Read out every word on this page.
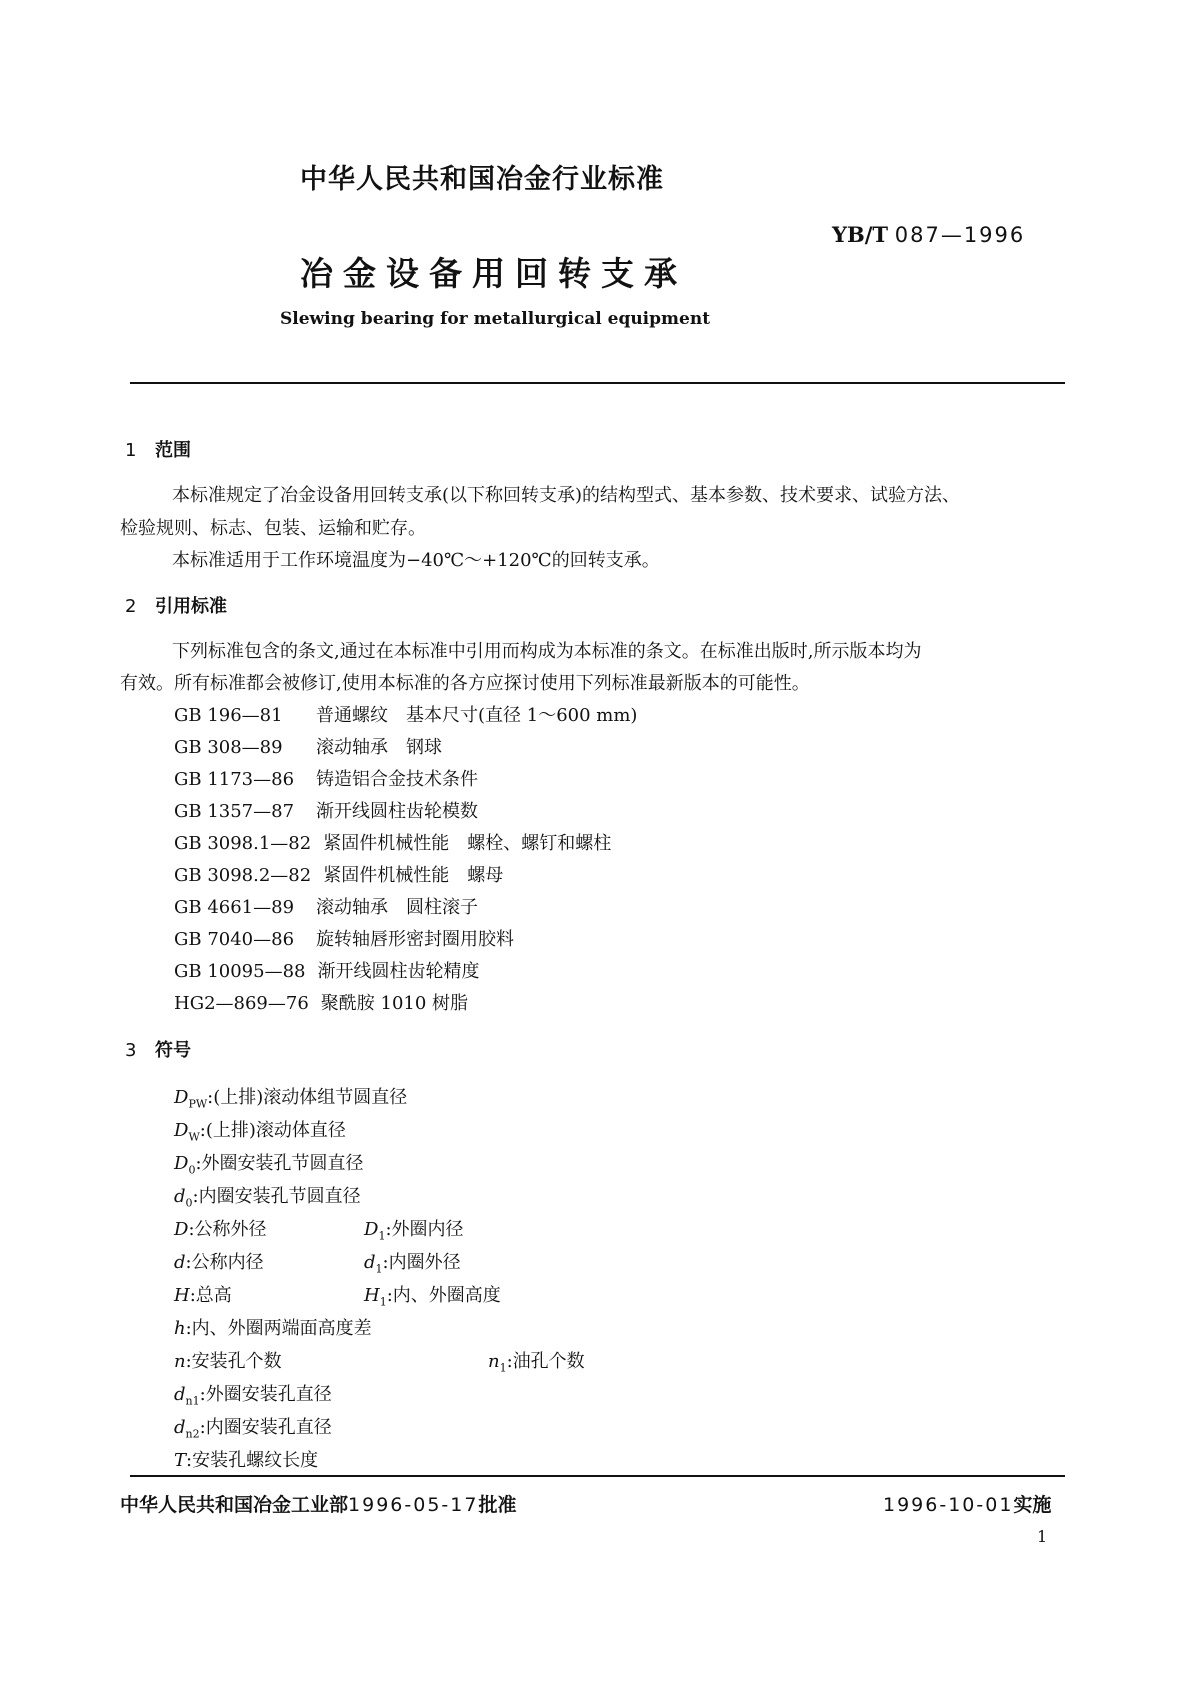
中华人民共和国冶金行业标准
YB/T 087—1996
冶金设备用回转支承
Slewing bearing for metallurgical equipment
1 范围
本标准规定了冶金设备用回转支承(以下称回转支承)的结构型式、基本参数、技术要求、试验方法、
检验规则、标志、包装、运输和贮存。
本标准适用于工作环境温度为−40℃～+120℃的回转支承。
2 引用标准
下列标准包含的条文,通过在本标准中引用而构成为本标准的条文。在标准出版时,所示版本均为
有效。所有标准都会被修订,使用本标准的各方应探讨使用下列标准最新版本的可能性。
GB 196—81 普通螺纹　基本尺寸(直径 1～600 mm)
GB 308—89 滚动轴承　钢球
GB 1173—86 铸造铝合金技术条件
GB 1357—87 渐开线圆柱齿轮模数
GB 3098.1—82 紧固件机械性能　螺栓、螺钉和螺柱
GB 3098.2—82 紧固件机械性能　螺母
GB 4661—89 滚动轴承　圆柱滚子
GB 7040—86 旋转轴唇形密封圈用胶料
GB 10095—88 渐开线圆柱齿轮精度
HG2—869—76 聚酰胺 1010 树脂
3 符号
$D_{PW}$:(上排)滚动体组节圆直径
$D_W$:(上排)滚动体直径
$D_0$:外圈安装孔节圆直径
$d_0$:内圈安装孔节圆直径
D:公称外径	$D_1$:外圈内径
d:公称内径	$d_1$:内圈外径
H:总高	$H_1$:内、外圈高度
h:内、外圈两端面高度差
n:安装孔个数	$n_1$:油孔个数
$d_{n1}$:外圈安装孔直径
$d_{n2}$:内圈安装孔直径
T:安装孔螺纹长度
中华人民共和国冶金工业部1996-05-17批准	1996-10-01实施
1
